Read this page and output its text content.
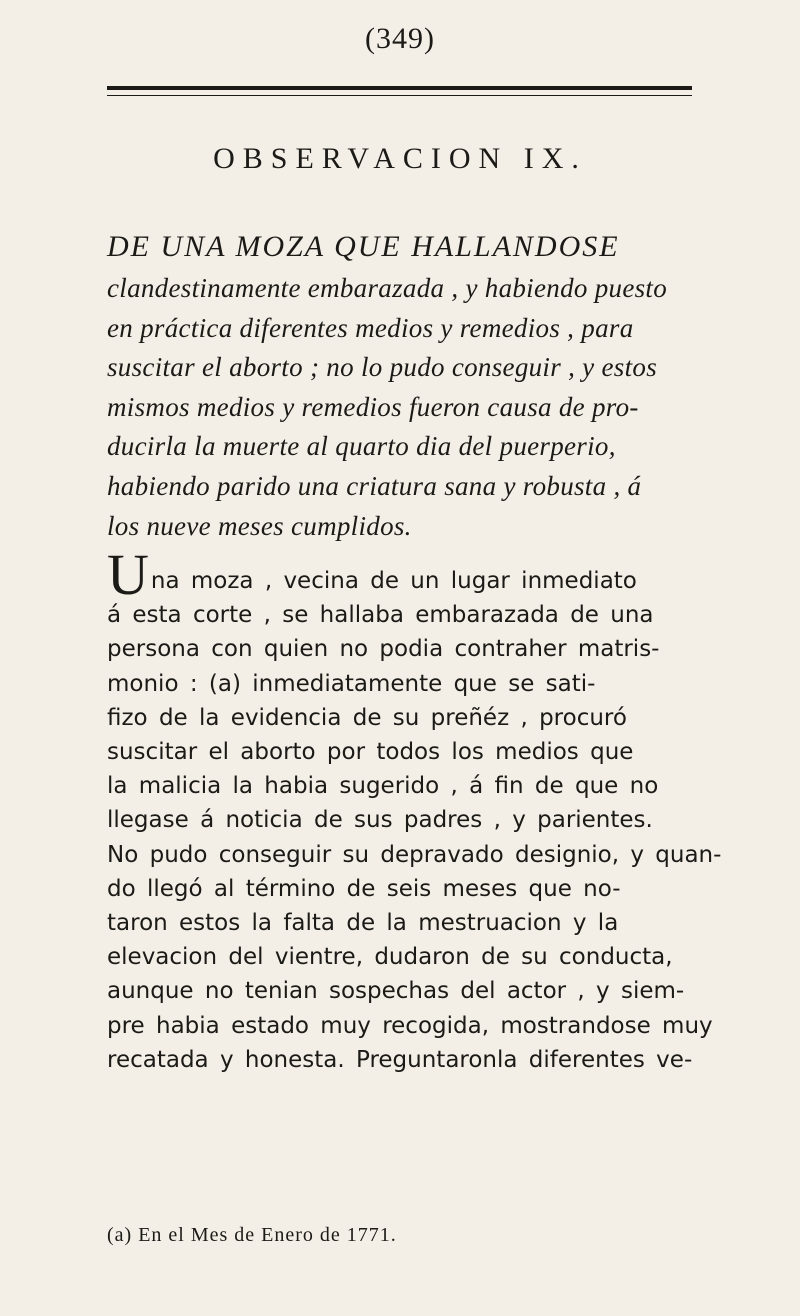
(349)
OBSERVACION IX.
DE UNA MOZA QUE HALLANDOSE
clandestinamente embarazada , y habiendo puesto
en práctica diferentes medios y remedios , para
suscitar el aborto ; no lo pudo conseguir , y estos
mismos medios y remedios fueron causa de pro-
ducirla la muerte al quarto dia del puerperio,
habiendo parido una criatura sana y robusta , á
los nueve meses cumplidos.
Una moza , vecina de un lugar inmediato
á esta corte , se hallaba embarazada de una
persona con quien no podia contraher matris-
monio : (a) inmediatamente que se sati-
fizo de la evidencia de su preñéz , procuró
suscitar el aborto por todos los medios que
la malicia la habia sugerido , á fin de que no
llegase á noticia de sus padres , y parientes.
No pudo conseguir su depravado designio, y quan-
do llegó al término de seis meses que no-
taron estos la falta de la mestruacion y la
elevacion del vientre, dudaron de su conducta,
aunque no tenian sospechas del actor , y siem-
pre habia estado muy recogida, mostrandose muy
recatada y honesta. Preguntaronla diferentes ve-
(a) En el Mes de Enero de 1771.
